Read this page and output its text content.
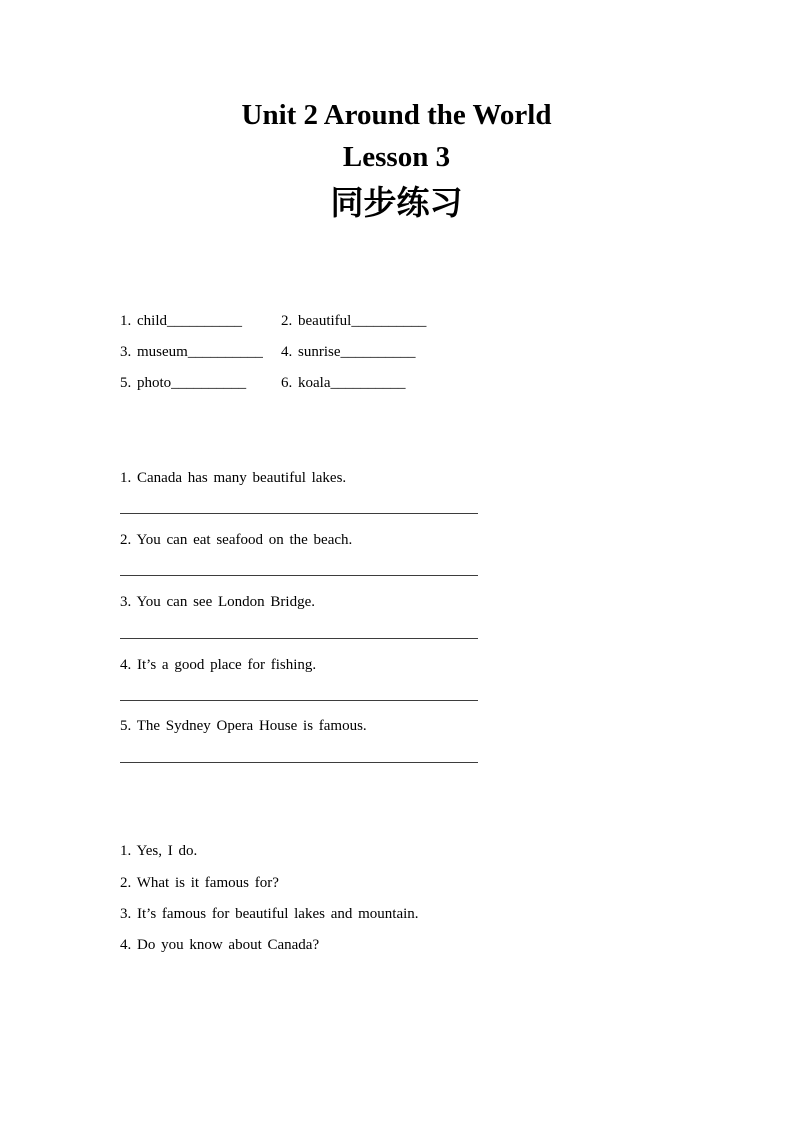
Unit 2 Around the World
Lesson 3
同步练习
1. child__________	2. beautiful__________
3. museum__________ 4. sunrise__________
5. photo__________ 6. koala__________
1. Canada has many beautiful lakes.
2. You can eat seafood on the beach.
3. You can see London Bridge.
4. It’s a good place for fishing.
5. The Sydney Opera House is famous.
1. Yes, I do.
2. What is it famous for?
3. It’s famous for beautiful lakes and mountain.
4. Do you know about Canada?
